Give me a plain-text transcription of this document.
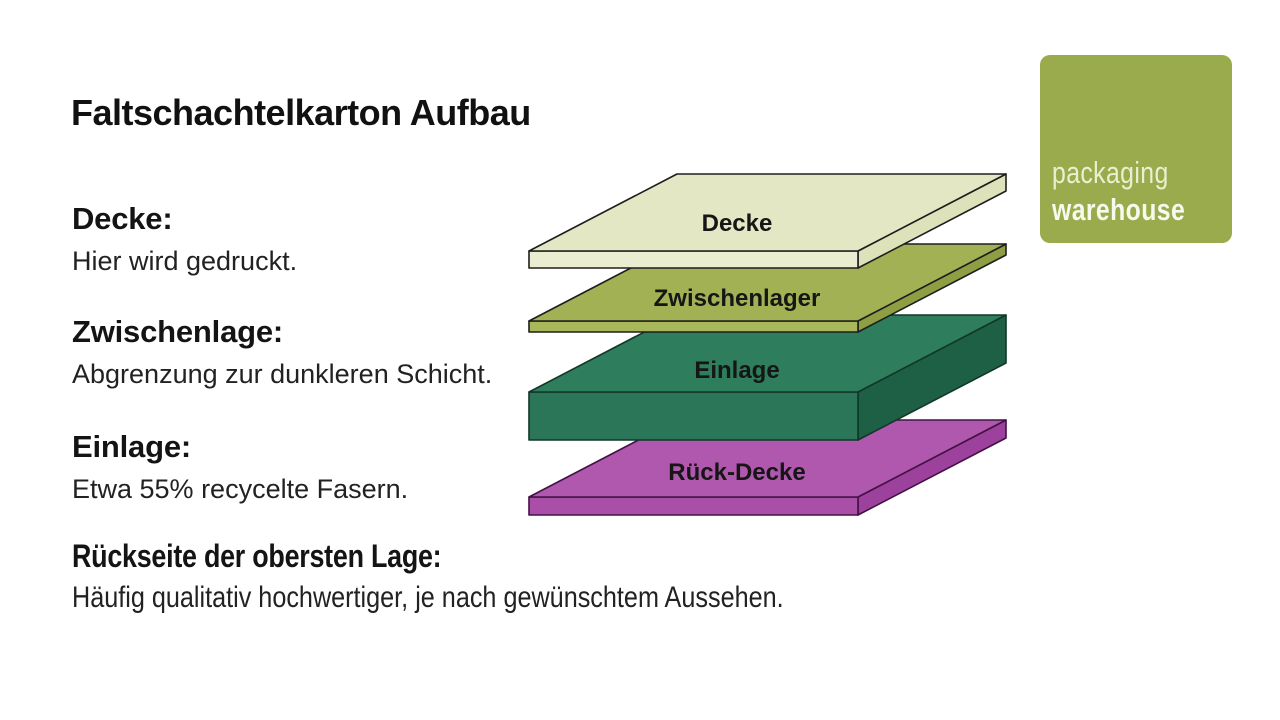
Faltschachtelkarton Aufbau
Decke:
Hier wird gedruckt.
Zwischenlage:
Abgrenzung zur dunkleren Schicht.
Einlage:
Etwa 55% recycelte Fasern.
Rückseite der obersten Lage:
Häufig qualitativ hochwertiger, je nach gewünschtem Aussehen.
Rück-Decke
Einlage
Zwischenlager
Decke
packaging
warehouse
